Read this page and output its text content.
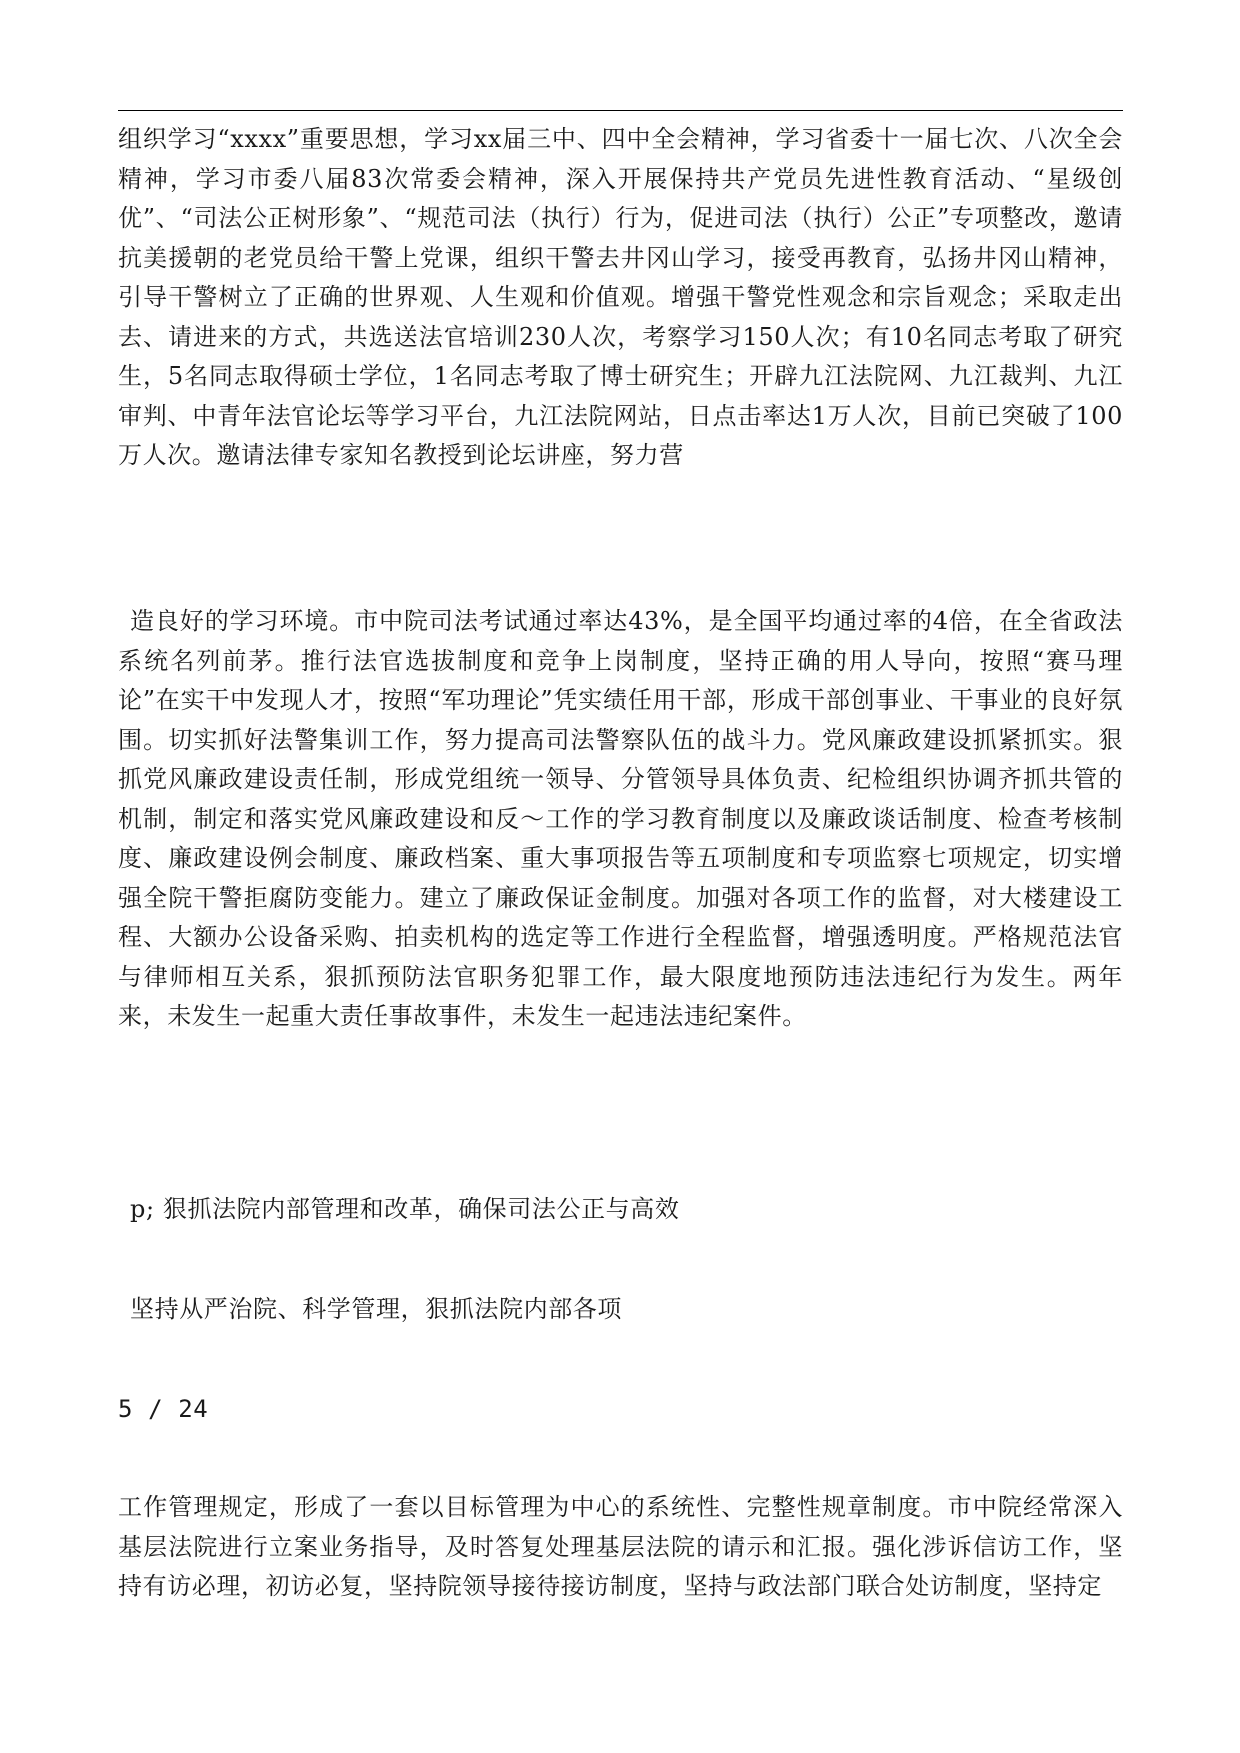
组织学习“xxxx”重要思想，学习xx届三中、四中全会精神，学习省委十一届七次、八次全会精神，学习市委八届83次常委会精神，深入开展保持共产党员先进性教育活动、“星级创优”、“司法公正树形象”、“规范司法（执行）行为，促进司法（执行）公正”专项整改，邀请抗美援朝的老党员给干警上党课，组织干警去井冈山学习，接受再教育，弘扬井冈山精神，引导干警树立了正确的世界观、人生观和价值观。增强干警党性观念和宗旨观念；采取走出去、请进来的方式，共选送法官培训230人次，考察学习150人次；有10名同志考取了研究生，5名同志取得硕士学位，1名同志考取了博士研究生；开辟九江法院网、九江裁判、九江审判、中青年法官论坛等学习平台，九江法院网站，日点击率达1万人次，目前已突破了100万人次。邀请法律专家知名教授到论坛讲座，努力营

造良好的学习环境。市中院司法考试通过率达43%，是全国平均通过率的4倍，在全省政法系统名列前茅。推行法官选拔制度和竞争上岗制度，坚持正确的用人导向，按照“赛马理论”在实干中发现人才，按照“军功理论”凭实绩任用干部，形成干部创事业、干事业的良好氛围。切实抓好法警集训工作，努力提高司法警察队伍的战斗力。党风廉政建设抓紧抓实。狠抓党风廉政建设责任制，形成党组统一领导、分管领导具体负责、纪检组织协调齐抓共管的机制，制定和落实党风廉政建设和反～工作的学习教育制度以及廉政谈话制度、检查考核制度、廉政建设例会制度、廉政档案、重大事项报告等五项制度和专项监察七项规定，切实增强全院干警拒腐防变能力。建立了廉政保证金制度。加强对各项工作的监督，对大楼建设工程、大额办公设备采购、拍卖机构的选定等工作进行全程监督，增强透明度。严格规范法官与律师相互关系，狠抓预防法官职务犯罪工作，最大限度地预防违法违纪行为发生。两年来，未发生一起重大责任事故事件，未发生一起违法违纪案件。

p; 狠抓法院内部管理和改革，确保司法公正与高效

坚持从严治院、科学管理，狠抓法院内部各项

5 / 24

工作管理规定，形成了一套以目标管理为中心的系统性、完整性规章制度。市中院经常深入基层法院进行立案业务指导，及时答复处理基层法院的请示和汇报。强化涉诉信访工作，坚持有访必理，初访必复，坚持院领导接待接访制度，坚持与政法部门联合处访制度，坚持定
